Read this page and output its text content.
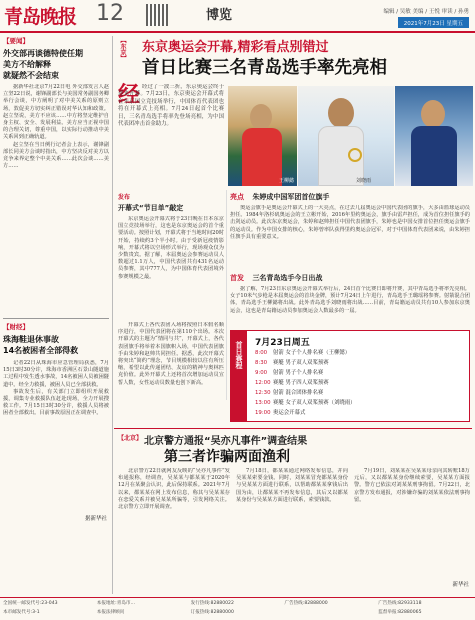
青岛晚报 12	博览	编辑 / 吴敏 美编 / 王悦 审读 / 孙勇
2021年7月23日 星期五
【要闻】
外交部再谈德特使任期
美方不给解释
就疑然不会结束

据新华社北京7月22日电 外交部发言人赵立坚22日说，谢锋副部长与美国常务副国务卿举行会谈，中方阐明了对中美关系的原则立场，敦促美方切实纠正错误对华认知和政策。赵立坚说，美方不应该……中方将坚定维护自身主权、安全、发展利益。美方应当正视中国的合理关切，尊重中国，以实际行动推动中美关系回到正确轨道。

赵立坚在当日例行记者会上表示，谢锋副部长同美方会谈时指出，中方坚决反对美方以竞争来界定整个中美关系……此次会谈……美方……

【财经】
珠海鞋退休事故
14名被困者全部得救

记者22日从珠海市应急管理局获悉，7月15日3时30分许，珠海市香洲区石景山隧道施工过程中发生透水事故，14名被困人员被困隧道中。经全力救援，被困人员已全部获救。

事故发生后，有关部门立即组织开展救援，调集专业救援队伍赶赴现场，全力开展搜救工作。7月15日3时30分许，救援人员将被困者全部救出。目前事故原因正在调查中。

据新华社
【东京】 东京奥运会开幕,精彩看点别错过
首日比赛三名青岛选手率先亮相
经 经过了一波三折，东京奥运会终于迎来开幕。7月23日，东京奥运会开幕式将在东京国立竞技场举行，中国体育代表团也将在开幕式上亮相。7月24日起首个比赛日，三名青岛选手将率先登场亮相，为中国代表团冲击首金助力。
王柳懿	刘晓雨
发布
开幕式“节目单”敲定

东京奥运会开幕式将于23日晚在日本东京国立竞技场举行，这也是东京奥运会的首个重要活动。按照计划，开幕式将于当地时间20时开始，持续约3个半小时。由于受新冠疫情影响，开幕式将以空场形式举行，现场观众仅为少数贵宾。据了解，本届奥运会参赛运动员人数超过1.1万人，中国代表团共有431名运动员参赛，其中777人，为中国体育代表团境外参赛规模之最。

开幕式上各代表团入场将按照日本假名顺序进行，中国代表团将在第110个出场。本次开幕式的主题为“情同与共”，开幕式上，各代表团旗手将举着本国旗帜入场，中国代表团旗手由朱婷和赵帅共同担任。据悉，此次开幕式将突出“简约”理念，节目规模相较以往有所压缩，希望以此传递团结、友谊的精神与奥林匹克价值。此外开幕式上还将首次增加运动员宣誓人数，女性运动员数量也创下新高。

亮点 朱婷成中国军团首位旗手

奥运会旗手是奥运会开幕式上的一大亮点，在过去几届奥运会中国代表团的旗手，大多由篮球运动员担任。1984年洛杉矶奥运会的王立彬开始，2016年里约奥运会，旗手由雷声担任，成为首位担任旗手的击剑运动员。此次东京奥运会，朱婷和赵帅担任中国代表团旗手，朱婷也是中国女排首位担任奥运会旗手的运动员。作为中国女排的核心，朱婷曾率队获得里约奥运会冠军，对于中国体育代表团来说，由朱婷担任旗手具有重要意义。

首发 三名青岛选手今日出战

据了解，7月23日东京奥运会开幕式举行后，24日首个比赛日即将开赛，其中青岛选手将率先亮相。女子10米气步枪是本届奥运会的首块金牌，预计7月24日上午进行，青岛选手王璐瑶将参赛。射箭混合团体，青岛选手王柳懿将出战。此外青岛选手刘晓雨将出战……目前，青岛籍运动员共有10人参加东京奥运会，这也是青岛籍运动员参加奥运会人数最多的一届。

首日赛程 7月23日周五
8:00 射箭 女子个人排名赛（王柳懿）
8:30 赛艇 男子双人双桨预赛
9:00 射箭 男子个人排名赛
12:00 赛艇 男子四人双桨预赛
12:30 射箭 混合团体排名赛
13:00 赛艇 女子双人双桨预赛（刘晓雨）
19:00 奥运会开幕式
【北京】 北京警方通报“吴亦凡事件”调查结果
第三者诈骗两面渔利

北京警方22日就网友反映的“吴亦凡事件”发布通报称，经调查，吴某某与都某某于2020年12月在某聚会认识，此后保持联系。2021年7月以来，都某某在网上发布信息，称其与吴某某存在恋爱关系并被吴某某所骗等，引发网络关注。北京警方立即开展调查。

7月18日，都某某通过网络发布信息，并向吴某某索要金钱。同时，刘某某冒充都某某身份与吴某某方面进行联系，以帮助都某某拿钱后出国为由，让都某某不再发布信息，其后又以都某某身份与吴某某方面进行联系，索要钱款。

7月19日，刘某某在吴某某母亲向其转账18万元后，又以都某某身份继续索要，吴某某方面报警。警方已依法对刘某某刑事拘留。7月22日，北京警方发布通报，对涉嫌诈骗的刘某某依法刑事拘留。

新华社
全国统一邮发代号:23-043	本报地址:青岛市…	发行热线:82880022	广告热线:82888000	广告热线:82933118
本市邮发代号:3-1	本报法律顾问	订报热线:82880000	监督举报:82880065
